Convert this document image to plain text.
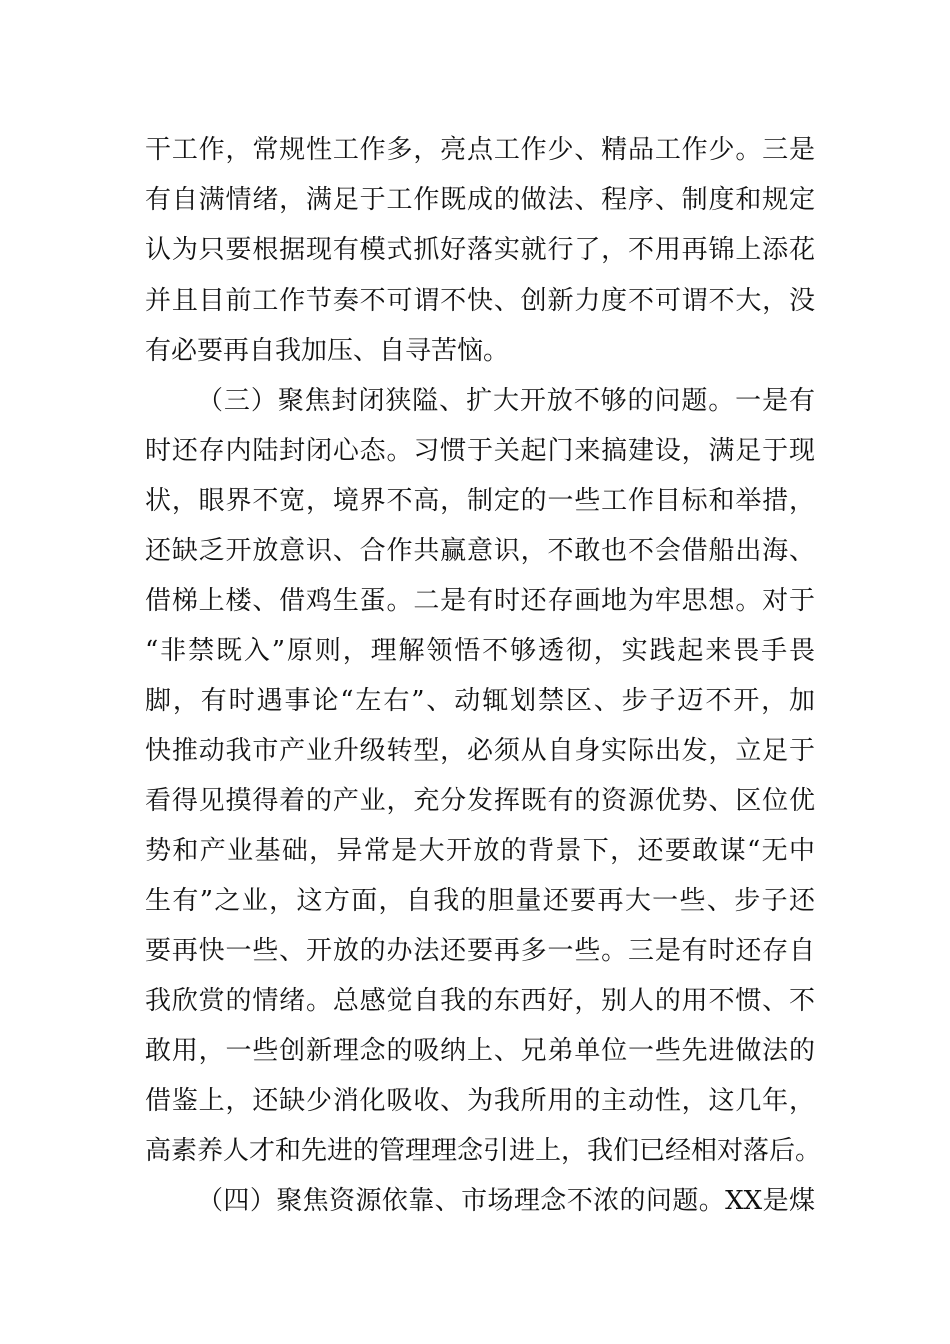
干工作，常规性工作多，亮点工作少、精品工作少。三是
有自满情绪，满足于工作既成的做法、程序、制度和规定
认为只要根据现有模式抓好落实就行了，不用再锦上添花
并且目前工作节奏不可谓不快、创新力度不可谓不大，没
有必要再自我加压、自寻苦恼。
（三）聚焦封闭狭隘、扩大开放不够的问题。一是有
时还存内陆封闭心态。习惯于关起门来搞建设，满足于现
状，眼界不宽，境界不高，制定的一些工作目标和举措，
还缺乏开放意识、合作共赢意识，不敢也不会借船出海、
借梯上楼、借鸡生蛋。二是有时还存画地为牢思想。对于
“非禁既入”原则，理解领悟不够透彻，实践起来畏手畏
脚，有时遇事论“左右”、动辄划禁区、步子迈不开，加
快推动我市产业升级转型，必须从自身实际出发，立足于
看得见摸得着的产业，充分发挥既有的资源优势、区位优
势和产业基础，异常是大开放的背景下，还要敢谋“无中
生有”之业，这方面，自我的胆量还要再大一些、步子还
要再快一些、开放的办法还要再多一些。三是有时还存自
我欣赏的情绪。总感觉自我的东西好，别人的用不惯、不
敢用，一些创新理念的吸纳上、兄弟单位一些先进做法的
借鉴上，还缺少消化吸收、为我所用的主动性，这几年，
高素养人才和先进的管理理念引进上，我们已经相对落后。
（四）聚焦资源依靠、市场理念不浓的问题。XX是煤
